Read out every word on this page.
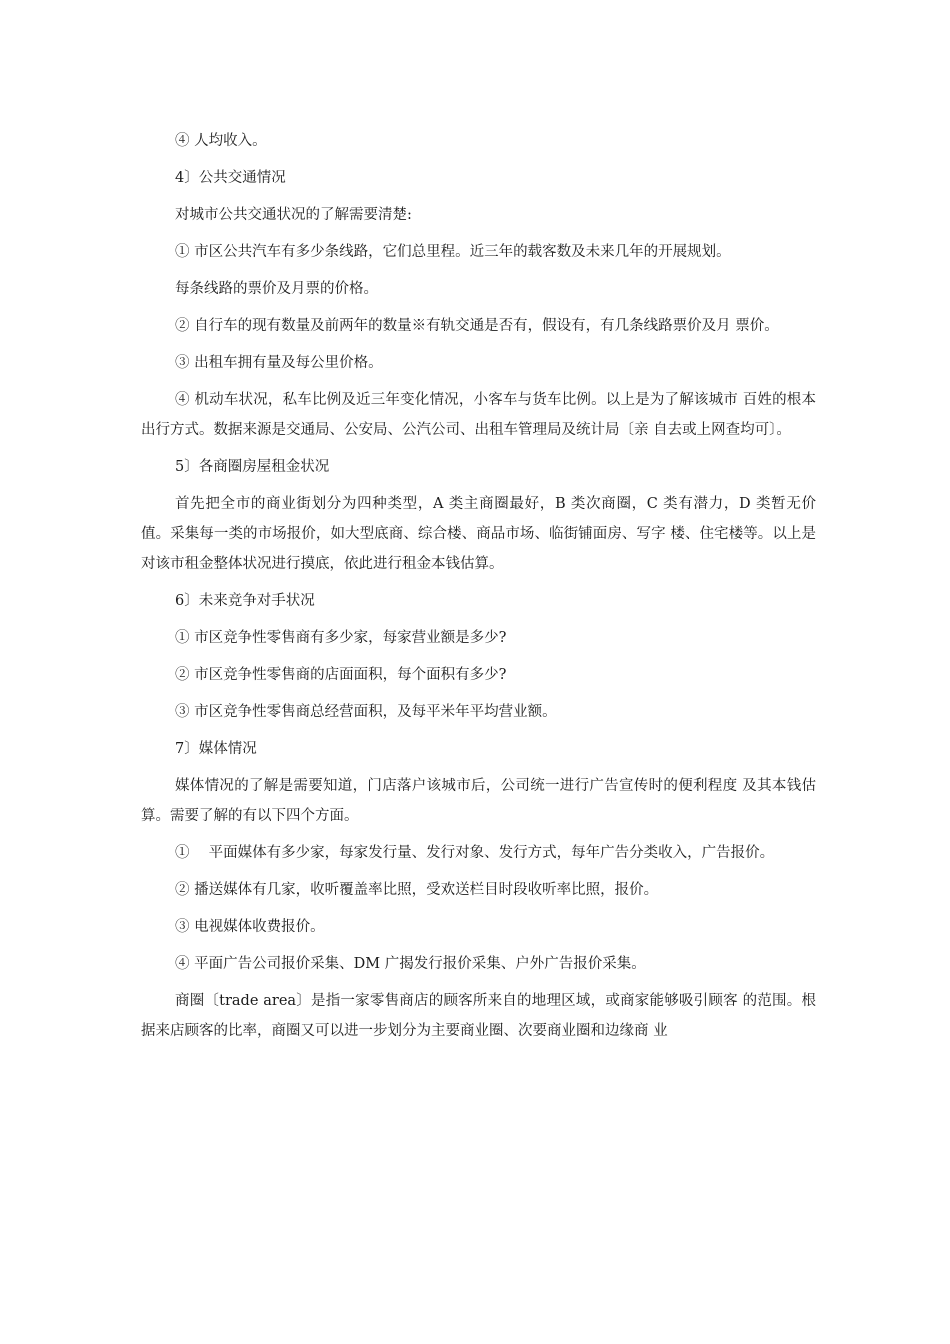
④ 人均收入。

4〕公共交通情况

对城市公共交通状况的了解需要清楚:

① 市区公共汽车有多少条线路，它们总里程。近三年的载客数及未来几年的开展规划。

每条线路的票价及月票的价格。

② 自行车的现有数量及前两年的数量※有轨交通是否有，假设有，有几条线路票价及月 票价。

③ 出租车拥有量及每公里价格。

④ 机动车状况，私车比例及近三年变化情况，小客车与货车比例。以上是为了解该城市 百姓的根本出行方式。数据来源是交通局、公安局、公汽公司、出租车管理局及统计局〔亲 自去或上网查均可〕。

5〕各商圈房屋租金状况

首先把全市的商业街划分为四种类型，A 类主商圈最好，B 类次商圈，C 类有潜力，D 类暂无价值。采集每一类的市场报价，如大型底商、综合楼、商品市场、临街铺面房、写字 楼、住宅楼等。以上是对该市租金整体状况进行摸底，依此进行租金本钱估算。

6〕未来竞争对手状况

① 市区竞争性零售商有多少家，每家营业额是多少?

② 市区竞争性零售商的店面面积，每个面积有多少?

③ 市区竞争性零售商总经营面积，及每平米年平均营业额。

7〕媒体情况

媒体情况的了解是需要知道，门店落户该城市后，公司统一进行广告宣传时的便利程度 及其本钱估算。需要了解的有以下四个方面。

①　 平面媒体有多少家，每家发行量、发行对象、发行方式，每年广告分类收入，广告报价。

② 播送媒体有几家，收听覆盖率比照，受欢送栏目时段收听率比照，报价。

③ 电视媒体收费报价。

④ 平面广告公司报价采集、DM 广揭发行报价采集、户外广告报价采集。

商圈〔trade area〕是指一家零售商店的顾客所来自的地理区域，或商家能够吸引顾客 的范围。根据来店顾客的比率，商圈又可以进一步划分为主要商业圈、次要商业圈和边缘商 业
